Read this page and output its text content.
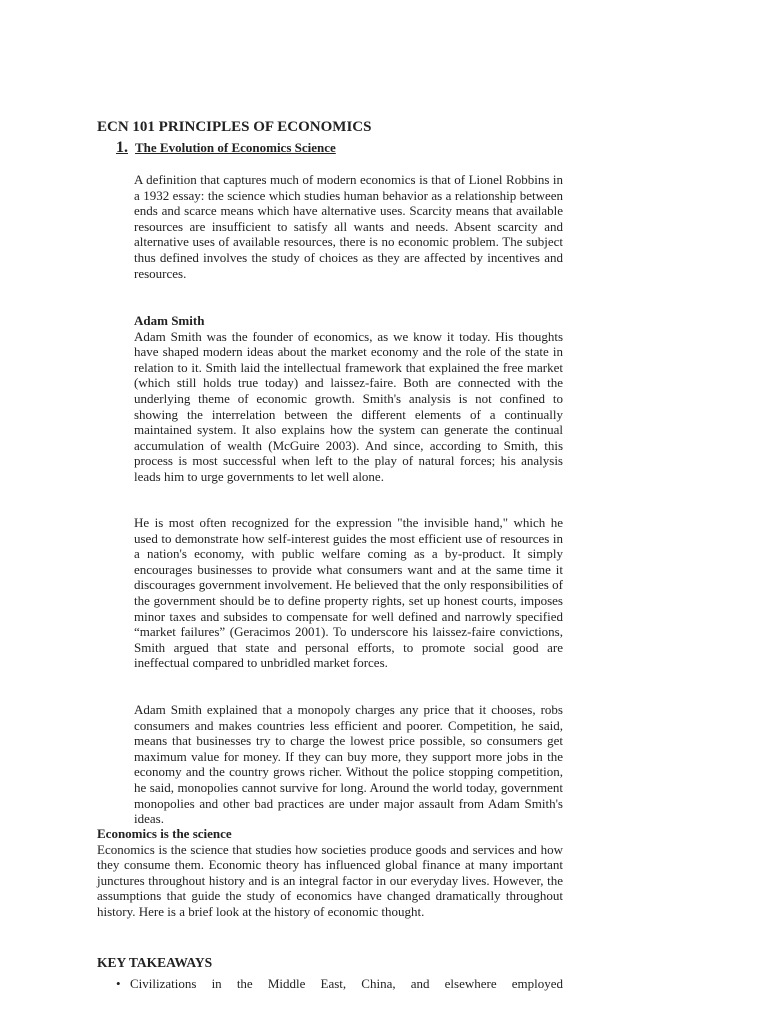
ECN 101 PRINCIPLES OF ECONOMICS
1. The Evolution of Economics Science

A definition that captures much of modern economics is that of Lionel Robbins in a 1932 essay: the science which studies human behavior as a relationship between ends and scarce means which have alternative uses. Scarcity means that available resources are insufficient to satisfy all wants and needs. Absent scarcity and alternative uses of available resources, there is no economic problem. The subject thus defined involves the study of choices as they are affected by incentives and resources.

Adam Smith
Adam Smith was the founder of economics, as we know it today. His thoughts have shaped modern ideas about the market economy and the role of the state in relation to it. Smith laid the intellectual framework that explained the free market (which still holds true today) and laissez-faire. Both are connected with the underlying theme of economic growth. Smith's analysis is not confined to showing the interrelation between the different elements of a continually maintained system. It also explains how the system can generate the continual accumulation of wealth (McGuire 2003). And since, according to Smith, this process is most successful when left to the play of natural forces; his analysis leads him to urge governments to let well alone.

He is most often recognized for the expression "the invisible hand," which he used to demonstrate how self-interest guides the most efficient use of resources in a nation's economy, with public welfare coming as a by-product. It simply encourages businesses to provide what consumers want and at the same time it discourages government involvement. He believed that the only responsibilities of the government should be to define property rights, set up honest courts, imposes minor taxes and subsides to compensate for well defined and narrowly specified “market failures” (Geracimos 2001). To underscore his laissez-faire convictions, Smith argued that state and personal efforts, to promote social good are ineffectual compared to unbridled market forces.

Adam Smith explained that a monopoly charges any price that it chooses, robs consumers and makes countries less efficient and poorer. Competition, he said, means that businesses try to charge the lowest price possible, so consumers get maximum value for money. If they can buy more, they support more jobs in the economy and the country grows richer. Without the police stopping competition, he said, monopolies cannot survive for long. Around the world today, government monopolies and other bad practices are under major assault from Adam Smith's ideas.

Economics is the science
Economics is the science that studies how societies produce goods and services and how they consume them. Economic theory has influenced global finance at many important junctures throughout history and is an integral factor in our everyday lives. However, the assumptions that guide the study of economics have changed dramatically throughout history. Here is a brief look at the history of economic thought.
KEY TAKEAWAYS
• Civilizations in the Middle East, China, and elsewhere employed
